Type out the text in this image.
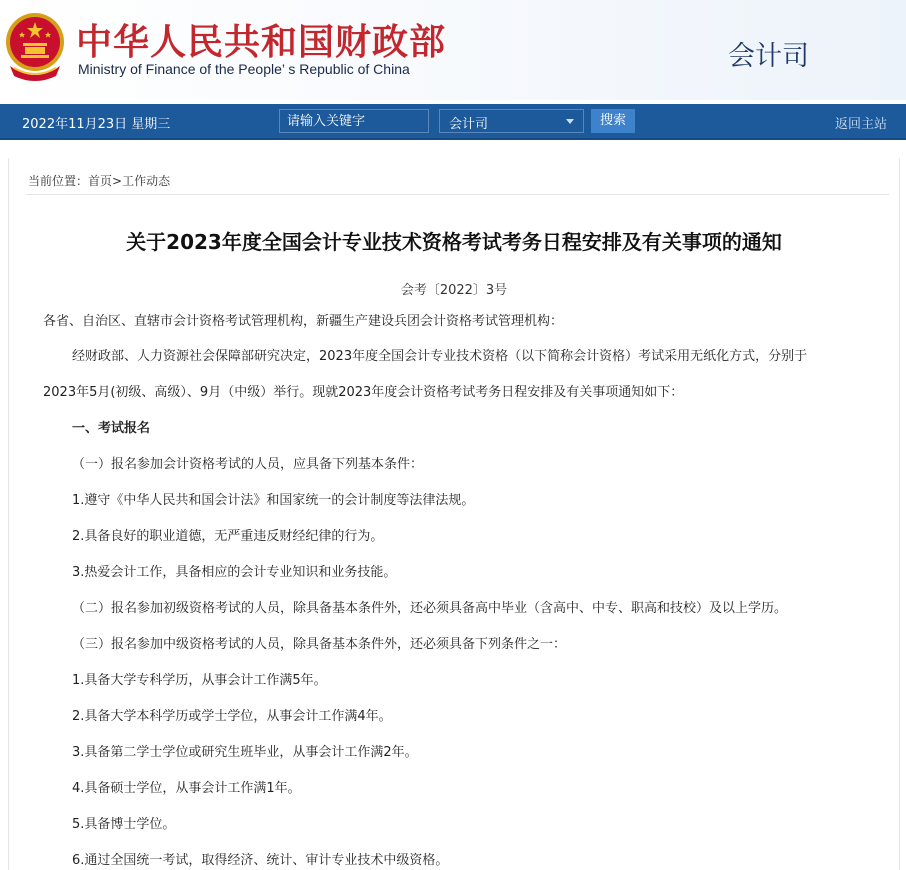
中华人民共和国财政部
Ministry of Finance of the People’ s Republic of China	会计司
2022年11月23日 星期三
请输入关键字	会计司	搜索	返回主站
当前位置：首页>工作动态
关于2023年度全国会计专业技术资格考试考务日程安排及有关事项的通知
会考〔2022〕3号
各省、自治区、直辖市会计资格考试管理机构，新疆生产建设兵团会计资格考试管理机构：
经财政部、人力资源社会保障部研究决定，2023年度全国会计专业技术资格（以下简称会计资格）考试采用无纸化方式，分别于
2023年5月(初级、高级）、9月（中级）举行。现就2023年度会计资格考试考务日程安排及有关事项通知如下：
一、考试报名
（一）报名参加会计资格考试的人员，应具备下列基本条件：
1.遵守《中华人民共和国会计法》和国家统一的会计制度等法律法规。
2.具备良好的职业道德，无严重违反财经纪律的行为。
3.热爱会计工作，具备相应的会计专业知识和业务技能。
（二）报名参加初级资格考试的人员，除具备基本条件外，还必须具备高中毕业（含高中、中专、职高和技校）及以上学历。
（三）报名参加中级资格考试的人员，除具备基本条件外，还必须具备下列条件之一：
1.具备大学专科学历，从事会计工作满5年。
2.具备大学本科学历或学士学位，从事会计工作满4年。
3.具备第二学士学位或研究生班毕业，从事会计工作满2年。
4.具备硕士学位，从事会计工作满1年。
5.具备博士学位。
6.通过全国统一考试，取得经济、统计、审计专业技术中级资格。
